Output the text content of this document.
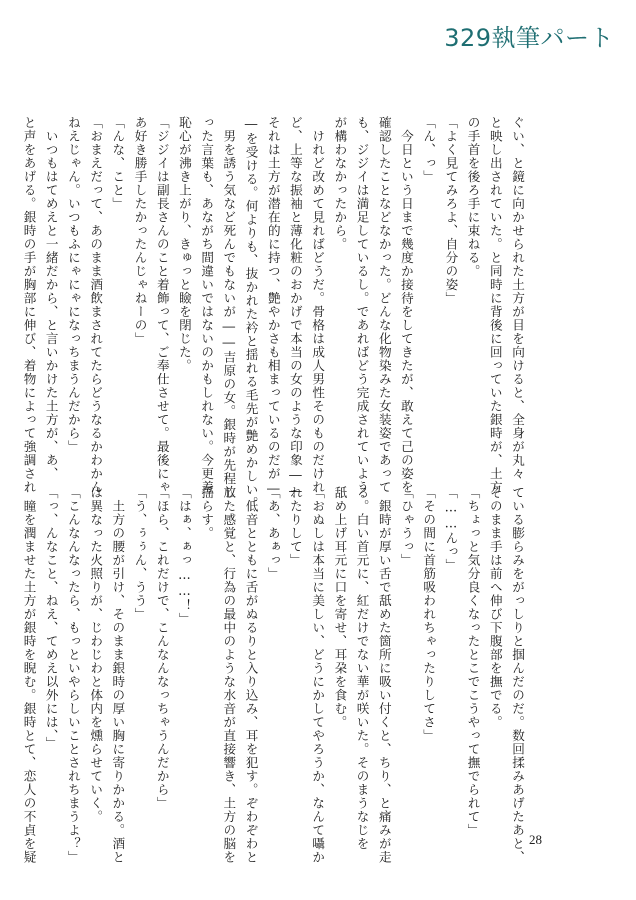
329執筆パート

ぐい、と鏡に向かせられた土方が目を向けると、全身が丸々

と映し出されていた。と同時に背後に回っていた銀時が、土方

の手首を後ろ手に束ねる。

「よく見てみろよ、自分の姿」

「ん、っ」

　今日という日まで幾度か接待をしてきたが、敢えて己の姿を

確認したことなどなかった。どんな化物染みた女装姿であって

も、ジジイは満足しているし。であればどう完成されていよう

が構わなかったから。

　けれど改めて見ればどうだ。骨格は成人男性そのものだけれ

ど、上等な振袖と薄化粧のおかげで本当の女のような印象――

それは土方が潜在的に持つ、艶やかさも相まっているのだが―

―を受ける。何よりも、抜かれた衿と揺れる毛先が艶めかしい。

　男を誘う気など死んでもないが――吉原の女。銀時が先程放

った言葉も、あながち間違いではないのかもしれない。今更羞

恥心が沸き上がり、きゅっと瞼を閉じた。

「ジジイは副長さんのこと着飾って、ご奉仕させて。最後にゃ

あ好き勝手したかったんじゃねーの」

「んな、こと」

「おまえだって、あのまま酒飲まされてたらどうなるかわかん

ねえじゃん。いつもふにゃにゃになっちまうんだから」

　いつもはてめえと一緒だから、と言いかけた土方が、あ、

と声をあげる。銀時の手が胸部に伸び、着物によって強調され

ている膨らみをがっしりと掴んだのだ。数回揉みあげたあと、

そのまま手は前へ伸び下腹部を撫でる。

「ちょっと気分良くなったとこでこうやって撫でられて」

「……んっ」

「その間に首筋吸われちゃったりしてさ」

「ひゃうっ」

　銀時が厚い舌で舐めた箇所に吸い付くと、ちり、と痛みが走

る。白い首元に、紅だけでない華が咲いた。そのまうなじを

舐め上げ耳元に口を寄せ、耳朶を食む。

「おぬしは本当に美しい、どうにかしてやろうか、なんて囁か

れたりして」

「あ、あぁっ」

　低音とともに舌がぬるりと入り込み、耳を犯す。ぞわぞわと

した感覚と、行為の最中のような水音が直接響き、土方の脳を

揺らす。

「はぁ、ぁっ……！」

「ほら、これだけで、こんなんなっちゃうんだから」

「う、ぅぅん、うう」

　土方の腰が引け、そのまま銀時の厚い胸に寄りかかる。酒と

は異なった火照りが、じわじわと体内を燻らせていく。

「こんなんなったら、もっといやらしいことされちまうよ？」

「っ、んなこと、ねえ、てめえ以外には、」

　瞳を潤ませた土方が銀時を睨む。銀時とて、恋人の不貞を疑	28
